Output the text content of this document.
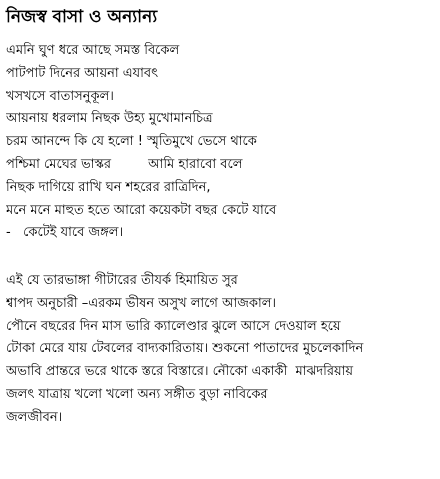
নিজস্ব বাসা ও অন্যান্য
এমনি ঘুণ ধরে আছে সমস্ত বিকেল
পাটপাট দিনের আয়না এযাবৎ
খসখসে বাতাসনুকূল।
আয়নায় ধরলাম নিছক উহ্য মুখোমানচিত্র
চরম আনন্দে কি যে হলো ! স্মৃতিমুখে ভেসে থাকে
পশ্চিমা মেঘের ভাস্কর         আমি হারাবো বলে
নিছক দাগিয়ে রাখি ঘন শহরের রাত্রিদিন,
মনে মনে মাহুত হতে আরো কয়েকটা বছর কেটে যাবে
-   কেটেই যাবে জঙ্গল।
এই যে তারভাঙ্গা গীটারের তীযর্ক হিমায়িত সুর
শ্বাপদ অনুচারী –এরকম ভীষন অসুখ লাগে আজকাল।
পৌনে বছরের দিন মাস ভারি ক্যালেণ্ডার ঝুলে আসে দেওয়াল হয়ে
টোকা মেরে যায় টেবলের বাদ্যকারিতায়। শুকনো পাতাদের মুচলেকাদিন
অভাবি প্রান্তরে ভরে থাকে স্তরে বিস্তারে। নৌকো একাকী  মাঝদরিয়ায়
জলৎ যাত্রায় খলো খলো অন্য সঙ্গীত বুড়া নাবিকের
জলজীবন।
